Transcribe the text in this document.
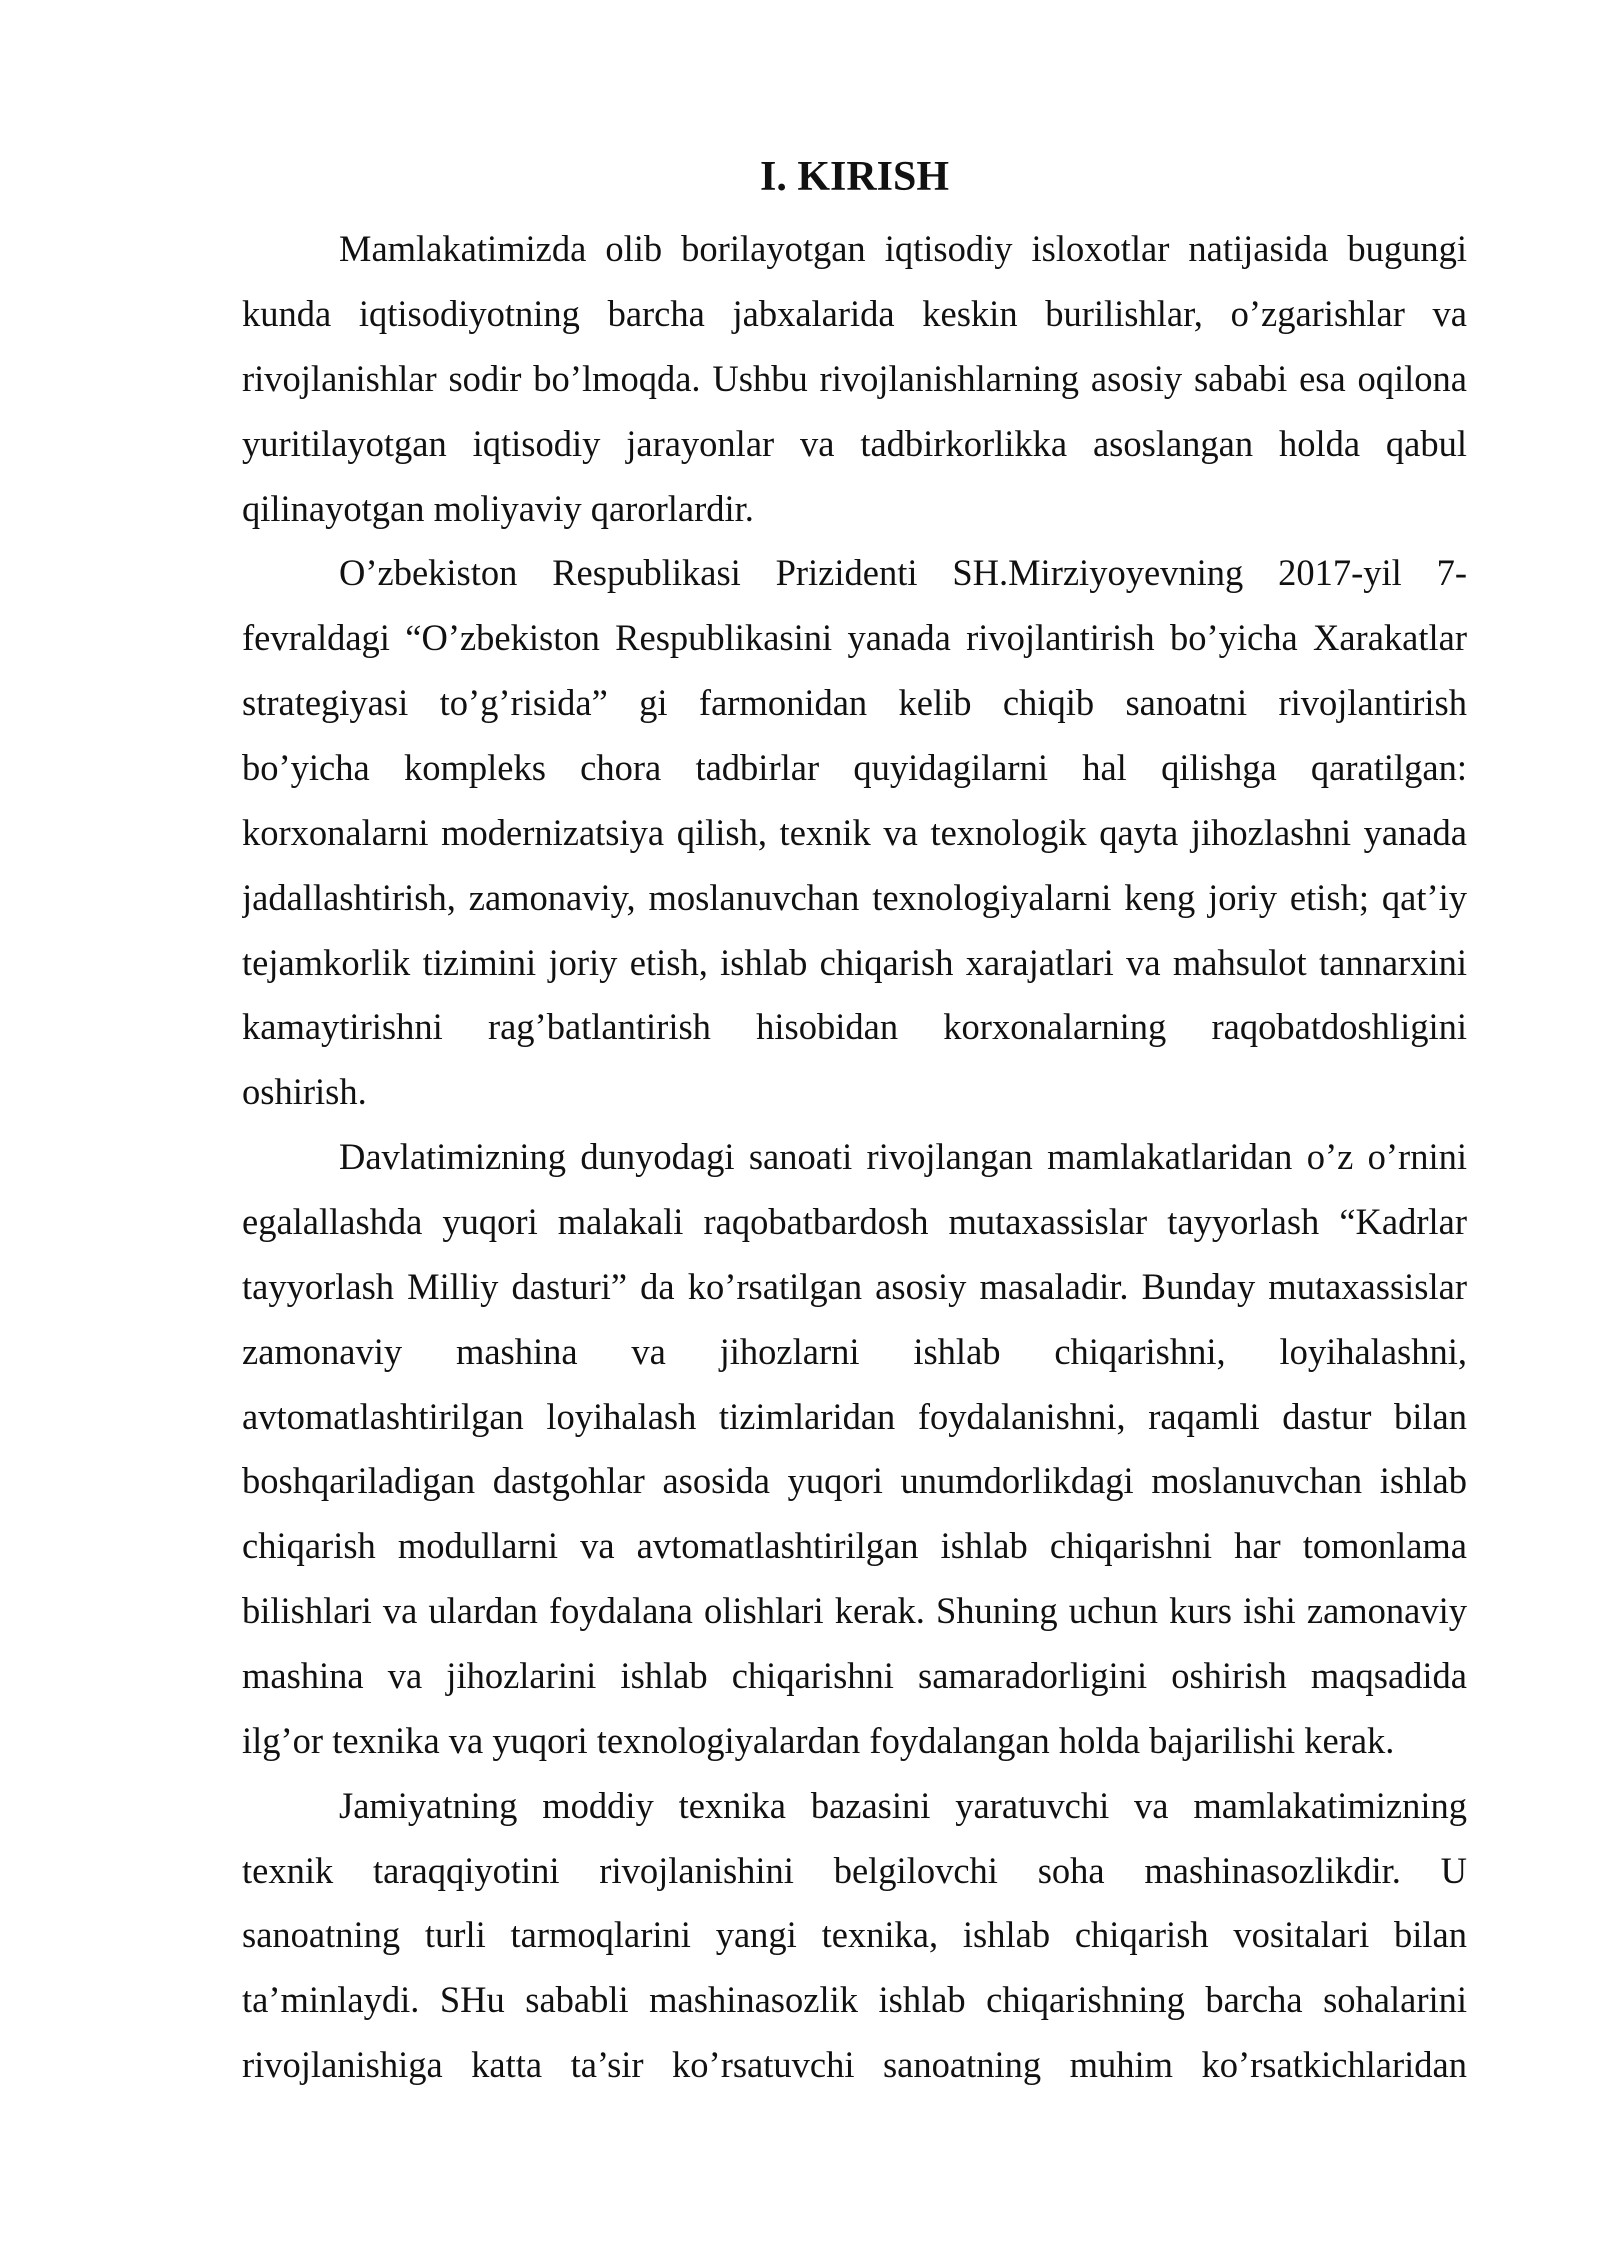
I. KIRISH
Mamlakatimizda olib borilayotgan iqtisodiy isloxotlar natijasida bugungi
kunda iqtisodiyotning barcha jabxalarida keskin burilishlar, o’zgarishlar va
rivojlanishlar sodir bo’lmoqda. Ushbu rivojlanishlarning asosiy sababi esa oqilona
yuritilayotgan iqtisodiy jarayonlar va tadbirkorlikka asoslangan holda qabul
qilinayotgan moliyaviy qarorlardir.
O’zbekiston Respublikasi Prizidenti SH.Mirziyoyevning 2017-yil 7-
fevraldagi “O’zbekiston Respublikasini yanada rivojlantirish bo’yicha Xarakatlar
strategiyasi to’g’risida” gi farmonidan kelib chiqib sanoatni rivojlantirish
bo’yicha kompleks chora tadbirlar quyidagilarni hal qilishga qaratilgan:
korxonalarni modernizatsiya qilish, texnik va texnologik qayta jihozlashni yanada
jadallashtirish, zamonaviy, moslanuvchan texnologiyalarni keng joriy etish; qat’iy
tejamkorlik tizimini joriy etish, ishlab chiqarish xarajatlari va mahsulot tannarxini
kamaytirishni rag’batlantirish hisobidan korxonalarning raqobatdoshligini
oshirish.
Davlatimizning dunyodagi sanoati rivojlangan mamlakatlaridan o’z o’rnini
egalallashda yuqori malakali raqobatbardosh mutaxassislar tayyorlash “Kadrlar
tayyorlash Milliy dasturi” da ko’rsatilgan asosiy masaladir. Bunday mutaxassislar
zamonaviy mashina va jihozlarni ishlab chiqarishni, loyihalashni,
avtomatlashtirilgan loyihalash tizimlaridan foydalanishni, raqamli dastur bilan
boshqariladigan dastgohlar asosida yuqori unumdorlikdagi moslanuvchan ishlab
chiqarish modullarni va avtomatlashtirilgan ishlab chiqarishni har tomonlama
bilishlari va ulardan foydalana olishlari kerak. Shuning uchun kurs ishi zamonaviy
mashina va jihozlarini ishlab chiqarishni samaradorligini oshirish maqsadida
ilg’or texnika va yuqori texnologiyalardan foydalangan holda bajarilishi kerak.
Jamiyatning moddiy texnika bazasini yaratuvchi va mamlakatimizning
texnik taraqqiyotini rivojlanishini belgilovchi soha mashinasozlikdir. U
sanoatning turli tarmoqlarini yangi texnika, ishlab chiqarish vositalari bilan
ta’minlaydi. SHu sababli mashinasozlik ishlab chiqarishning barcha sohalarini
rivojlanishiga katta ta’sir ko’rsatuvchi sanoatning muhim ko’rsatkichlaridan
